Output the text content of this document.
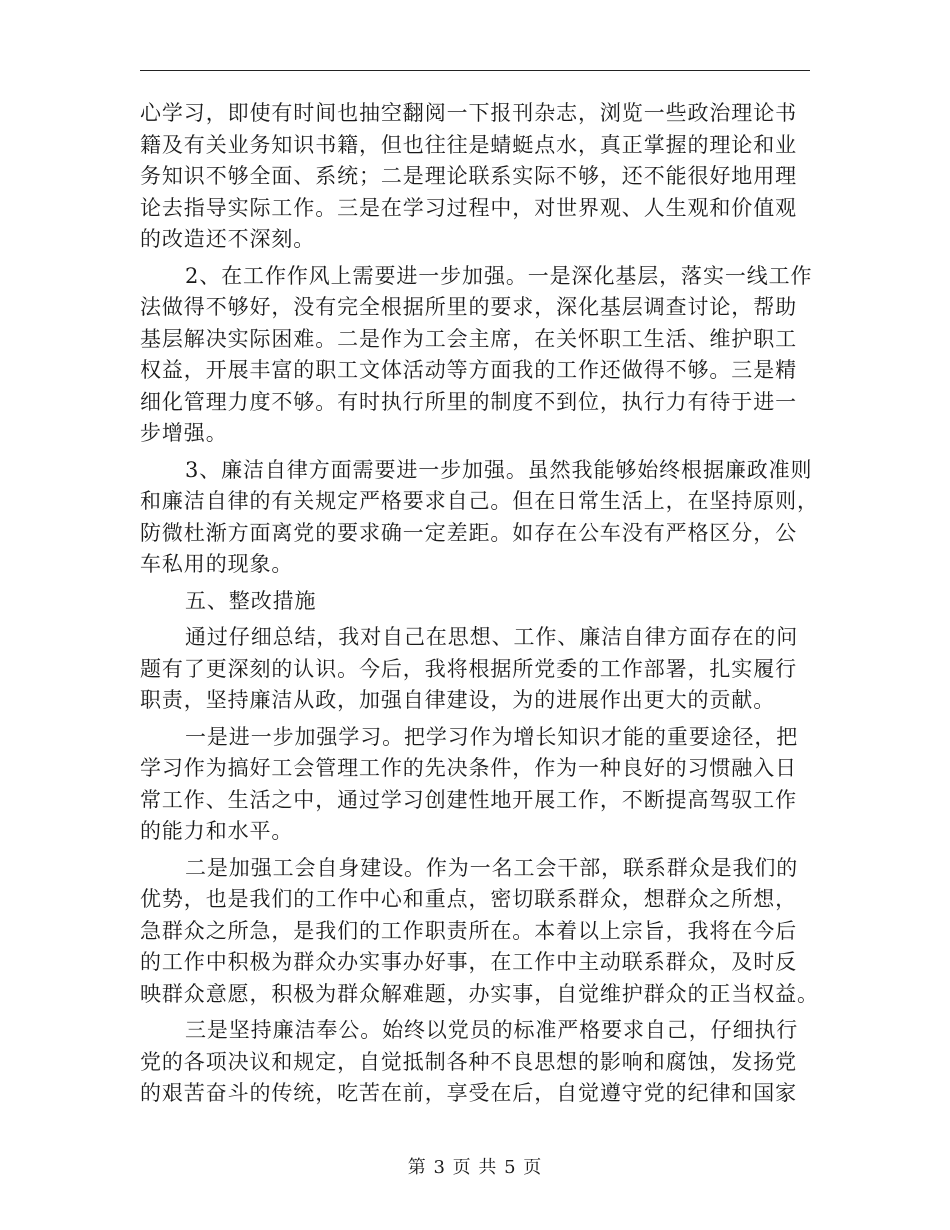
心学习，即使有时间也抽空翻阅一下报刊杂志，浏览一些政治理论书
籍及有关业务知识书籍，但也往往是蜻蜓点水，真正掌握的理论和业
务知识不够全面、系统；二是理论联系实际不够，还不能很好地用理
论去指导实际工作。三是在学习过程中，对世界观、人生观和价值观
的改造还不深刻。
2、在工作作风上需要进一步加强。一是深化基层，落实一线工作
法做得不够好，没有完全根据所里的要求，深化基层调查讨论，帮助
基层解决实际困难。二是作为工会主席，在关怀职工生活、维护职工
权益，开展丰富的职工文体活动等方面我的工作还做得不够。三是精
细化管理力度不够。有时执行所里的制度不到位，执行力有待于进一
步增强。
3、廉洁自律方面需要进一步加强。虽然我能够始终根据廉政准则
和廉洁自律的有关规定严格要求自己。但在日常生活上，在坚持原则，
防微杜渐方面离党的要求确一定差距。如存在公车没有严格区分，公
车私用的现象。
五、整改措施
通过仔细总结，我对自己在思想、工作、廉洁自律方面存在的问
题有了更深刻的认识。今后，我将根据所党委的工作部署，扎实履行
职责，坚持廉洁从政，加强自律建设，为的进展作出更大的贡献。
一是进一步加强学习。把学习作为增长知识才能的重要途径，把
学习作为搞好工会管理工作的先决条件，作为一种良好的习惯融入日
常工作、生活之中，通过学习创建性地开展工作，不断提高驾驭工作
的能力和水平。
二是加强工会自身建设。作为一名工会干部，联系群众是我们的
优势，也是我们的工作中心和重点，密切联系群众，想群众之所想，
急群众之所急，是我们的工作职责所在。本着以上宗旨，我将在今后
的工作中积极为群众办实事办好事，在工作中主动联系群众，及时反
映群众意愿，积极为群众解难题，办实事，自觉维护群众的正当权益。
三是坚持廉洁奉公。始终以党员的标准严格要求自己，仔细执行
党的各项决议和规定，自觉抵制各种不良思想的影响和腐蚀，发扬党
的艰苦奋斗的传统，吃苦在前，享受在后，自觉遵守党的纪律和国家
第 3 页 共 5 页
